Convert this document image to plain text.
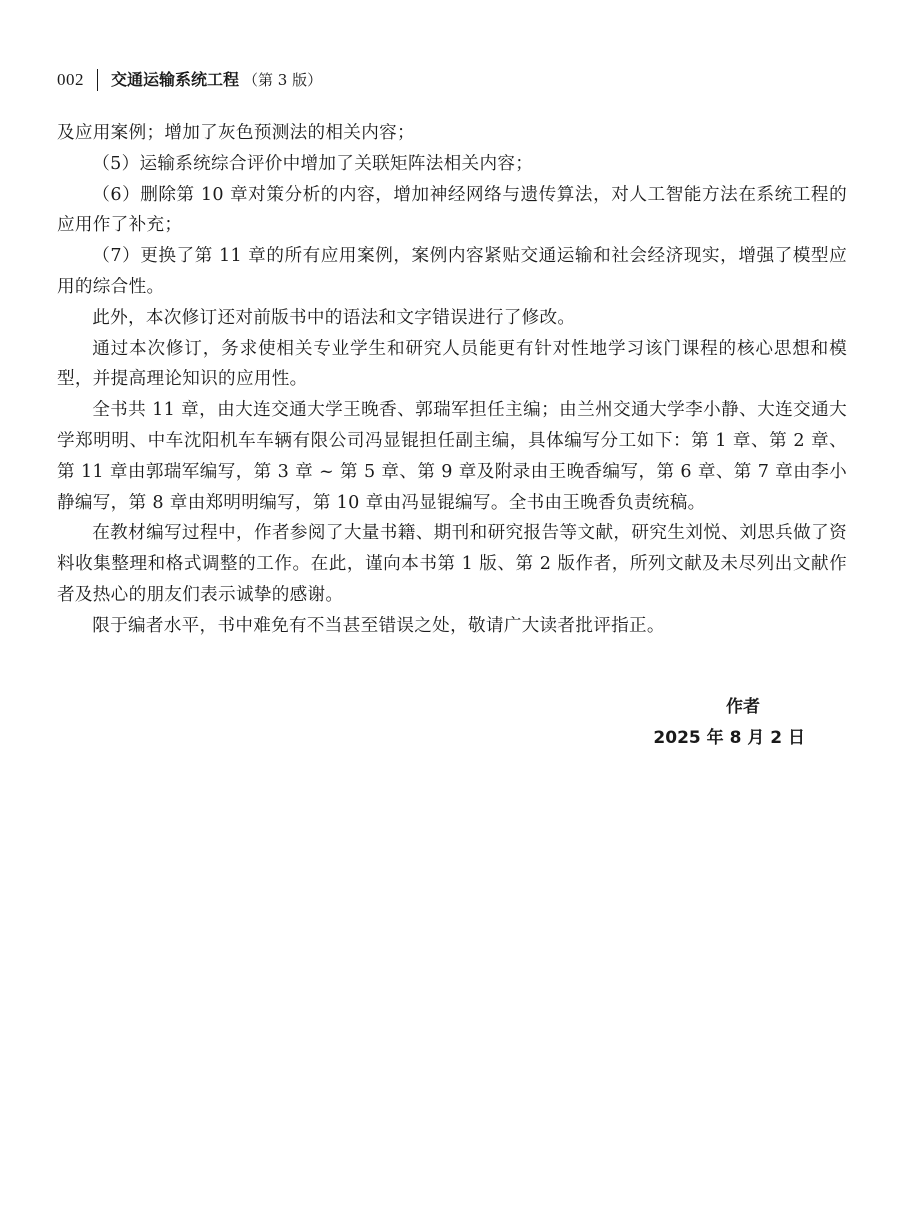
002 交通运输系统工程 （第 3 版）

及应用案例；增加了灰色预测法的相关内容；

（5）运输系统综合评价中增加了关联矩阵法相关内容；

（6）删除第 10 章对策分析的内容，增加神经网络与遗传算法，对人工智能方法在系统工程的应用作了补充；

（7）更换了第 11 章的所有应用案例，案例内容紧贴交通运输和社会经济现实，增强了模型应用的综合性。

此外，本次修订还对前版书中的语法和文字错误进行了修改。

通过本次修订，务求使相关专业学生和研究人员能更有针对性地学习该门课程的核心思想和模型，并提高理论知识的应用性。

全书共 11 章，由大连交通大学王晚香、郭瑞军担任主编；由兰州交通大学李小静、大连交通大学郑明明、中车沈阳机车车辆有限公司冯显锟担任副主编，具体编写分工如下：第 1 章、第 2 章、第 11 章由郭瑞军编写，第 3 章 ~ 第 5 章、第 9 章及附录由王晚香编写，第 6 章、第 7 章由李小静编写，第 8 章由郑明明编写，第 10 章由冯显锟编写。全书由王晚香负责统稿。

在教材编写过程中，作者参阅了大量书籍、期刊和研究报告等文献，研究生刘悦、刘思兵做了资料收集整理和格式调整的工作。在此，谨向本书第 1 版、第 2 版作者，所列文献及未尽列出文献作者及热心的朋友们表示诚挚的感谢。

限于编者水平，书中难免有不当甚至错误之处，敬请广大读者批评指正。

作者
2025 年 8 月 2 日
